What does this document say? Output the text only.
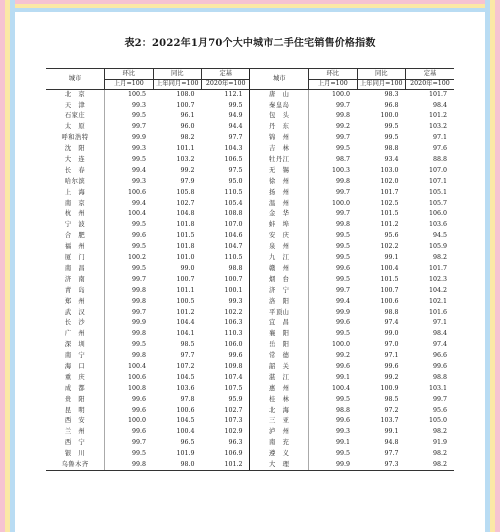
表2：2022年1月70个大中城市二手住宅销售价格指数
城市	环比	同比	定基	城市	环比	同比	定基
	上月=100	上年同月=100	2020年=100		上月=100	上年同月=100	2020年=100
北　京	100.5	108.0	112.1	唐　山	100.0	98.3	101.7
天　津	99.3	100.7	99.5	秦皇岛	99.7	96.8	98.4
石家庄	99.5	96.1	94.9	包　头	99.8	100.0	101.2
太　原	99.7	96.0	94.4	丹　东	99.2	99.5	103.2
呼和浩特	99.9	98.2	97.7	锦　州	99.7	99.5	97.1
沈　阳	99.3	101.1	104.3	吉　林	99.5	98.8	97.6
大　连	99.5	103.2	106.5	牡丹江	98.7	93.4	88.8
长　春	99.4	99.2	97.5	无　锡	100.3	103.0	107.0
哈尔滨	99.3	97.9	95.0	徐　州	99.8	102.0	107.1
上　海	100.6	105.8	110.5	扬　州	99.7	101.7	105.1
南　京	99.4	102.7	105.4	温　州	100.0	102.5	105.7
杭　州	100.4	104.8	108.8	金　华	99.7	101.5	106.0
宁　波	99.5	101.8	107.0	蚌　埠	99.8	101.2	103.6
合　肥	99.6	101.5	104.6	安　庆	99.5	95.6	94.5
福　州	99.5	101.8	104.7	泉　州	99.5	102.2	105.9
厦　门	100.2	101.0	110.5	九　江	99.5	99.1	98.2
南　昌	99.5	99.0	98.8	赣　州	99.6	100.4	101.7
济　南	99.7	100.7	100.7	烟　台	99.5	101.5	102.3
青　岛	99.8	101.1	100.1	济　宁	99.7	100.7	104.2
郑　州	99.8	100.5	99.3	洛　阳	99.4	100.6	102.1
武　汉	99.7	101.2	102.2	平顶山	99.9	98.8	101.6
长　沙	99.9	104.4	106.3	宜　昌	99.6	97.4	97.1
广　州	99.8	104.1	110.3	襄　阳	99.5	99.0	98.4
深　圳	99.5	98.5	106.0	岳　阳	100.0	97.0	97.4
南　宁	99.8	97.7	99.6	常　德	99.2	97.1	96.6
海　口	100.4	107.2	109.8	韶　关	99.6	99.6	99.6
重　庆	100.6	104.5	107.4	湛　江	99.1	99.2	98.8
成　都	100.8	103.6	107.5	惠　州	100.4	100.9	103.1
贵　阳	99.6	97.8	95.9	桂　林	99.5	98.5	99.7
昆　明	99.6	100.6	102.7	北　海	98.8	97.2	95.6
西　安	100.0	104.5	107.3	三　亚	99.6	103.7	105.0
兰　州	99.6	100.4	102.9	泸　州	99.3	99.1	98.2
西　宁	99.7	96.5	96.3	南　充	99.1	94.8	91.9
银　川	99.5	101.9	106.9	遵　义	99.5	97.7	98.2
乌鲁木齐	99.8	98.0	101.2	大　理	99.9	97.3	98.2
